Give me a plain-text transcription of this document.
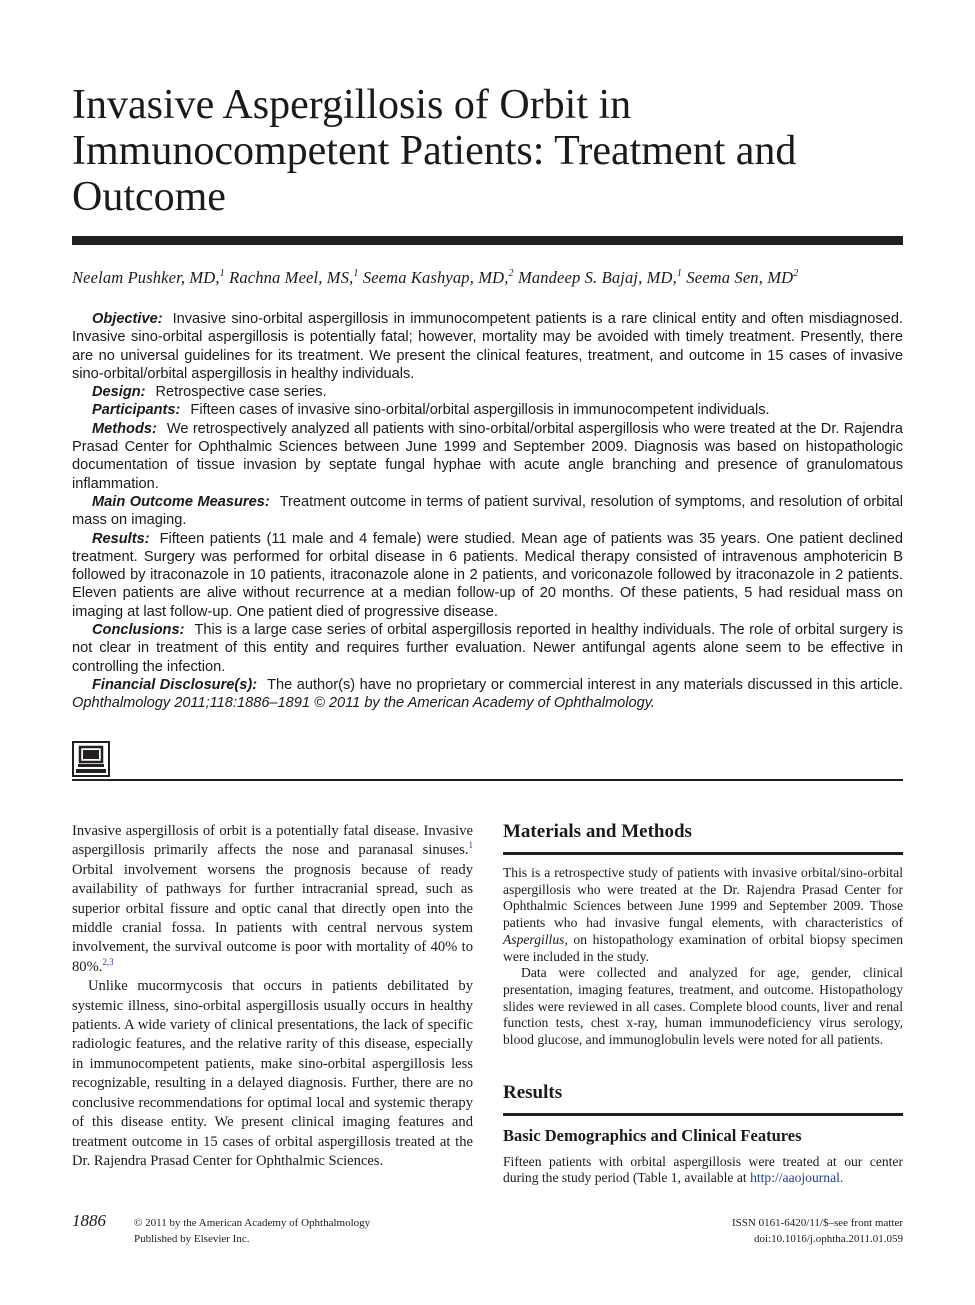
Invasive Aspergillosis of Orbit in Immunocompetent Patients: Treatment and Outcome
Neelam Pushker, MD,$^1$ Rachna Meel, MS,$^1$ Seema Kashyap, MD,$^2$ Mandeep S. Bajaj, MD,$^1$ Seema Sen, $MD^2$

Objective: Invasive sino-orbital aspergillosis in immunocompetent patients is a rare clinical entity and often misdiagnosed. Invasive sino-orbital aspergillosis is potentially fatal; however, mortality may be avoided with timely treatment. Presently, there are no universal guidelines for its treatment. We present the clinical features, treatment, and outcome in 15 cases of invasive sino-orbital/orbital aspergillosis in healthy individuals.

Design: Retrospective case series.

Participants: Fifteen cases of invasive sino-orbital/orbital aspergillosis in immunocompetent individuals.

Methods: We retrospectively analyzed all patients with sino-orbital/orbital aspergillosis who were treated at the Dr. Rajendra Prasad Center for Ophthalmic Sciences between June 1999 and September 2009. Diagnosis was based on histopathologic documentation of tissue invasion by septate fungal hyphae with acute angle branching and presence of granulomatous inflammation.

Main Outcome Measures: Treatment outcome in terms of patient survival, resolution of symptoms, and resolution of orbital mass on imaging.

Results: Fifteen patients (11 male and 4 female) were studied. Mean age of patients was 35 years. One patient declined treatment. Surgery was performed for orbital disease in 6 patients. Medical therapy consisted of intravenous amphotericin B followed by itraconazole in 10 patients, itraconazole alone in 2 patients, and voriconazole followed by itraconazole in 2 patients. Eleven patients are alive without recurrence at a median follow-up of 20 months. Of these patients, 5 had residual mass on imaging at last follow-up. One patient died of progressive disease.

Conclusions: This is a large case series of orbital aspergillosis reported in healthy individuals. The role of orbital surgery is not clear in treatment of this entity and requires further evaluation. Newer antifungal agents alone seem to be effective in controlling the infection.

Financial Disclosure(s): The author(s) have no proprietary or commercial interest in any materials discussed in this article. Ophthalmology 2011;118:1886–1891 © 2011 by the American Academy of Ophthalmology.

Invasive aspergillosis of orbit is a potentially fatal disease. Invasive aspergillosis primarily affects the nose and paranasal sinuses.$^1$ Orbital involvement worsens the prognosis because of ready availability of pathways for further intracranial spread, such as superior orbital fissure and optic canal that directly open into the middle cranial fossa. In patients with central nervous system involvement, the survival outcome is poor with mortality of 40% to 80%.$^{2,3}$

Unlike mucormycosis that occurs in patients debilitated by systemic illness, sino-orbital aspergillosis usually occurs in healthy patients. A wide variety of clinical presentations, the lack of specific radiologic features, and the relative rarity of this disease, especially in immunocompetent patients, make sino-orbital aspergillosis less recognizable, resulting in a delayed diagnosis. Further, there are no conclusive recommendations for optimal local and systemic therapy of this disease entity. We present clinical imaging features and treatment outcome in 15 cases of orbital aspergillosis treated at the Dr. Rajendra Prasad Center for Ophthalmic Sciences.

Materials and Methods

This is a retrospective study of patients with invasive orbital/sino-orbital aspergillosis who were treated at the Dr. Rajendra Prasad Center for Ophthalmic Sciences between June 1999 and September 2009. Those patients who had invasive fungal elements, with characteristics of Aspergillus, on histopathology examination of orbital biopsy specimen were included in the study.

Data were collected and analyzed for age, gender, clinical presentation, imaging features, treatment, and outcome. Histopathology slides were reviewed in all cases. Complete blood counts, liver and renal function tests, chest x-ray, human immunodeficiency virus serology, blood glucose, and immunoglobulin levels were noted for all patients.

Results
Basic Demographics and Clinical Features

Fifteen patients with orbital aspergillosis were treated at our center during the study period (Table 1, available at http://aaojournal.

1886	© 2011 by the American Academy of Ophthalmology
Published by Elsevier Inc.
ISSN 0161-6420/11/$–see front matter
doi:10.1016/j.ophtha.2011.01.059
